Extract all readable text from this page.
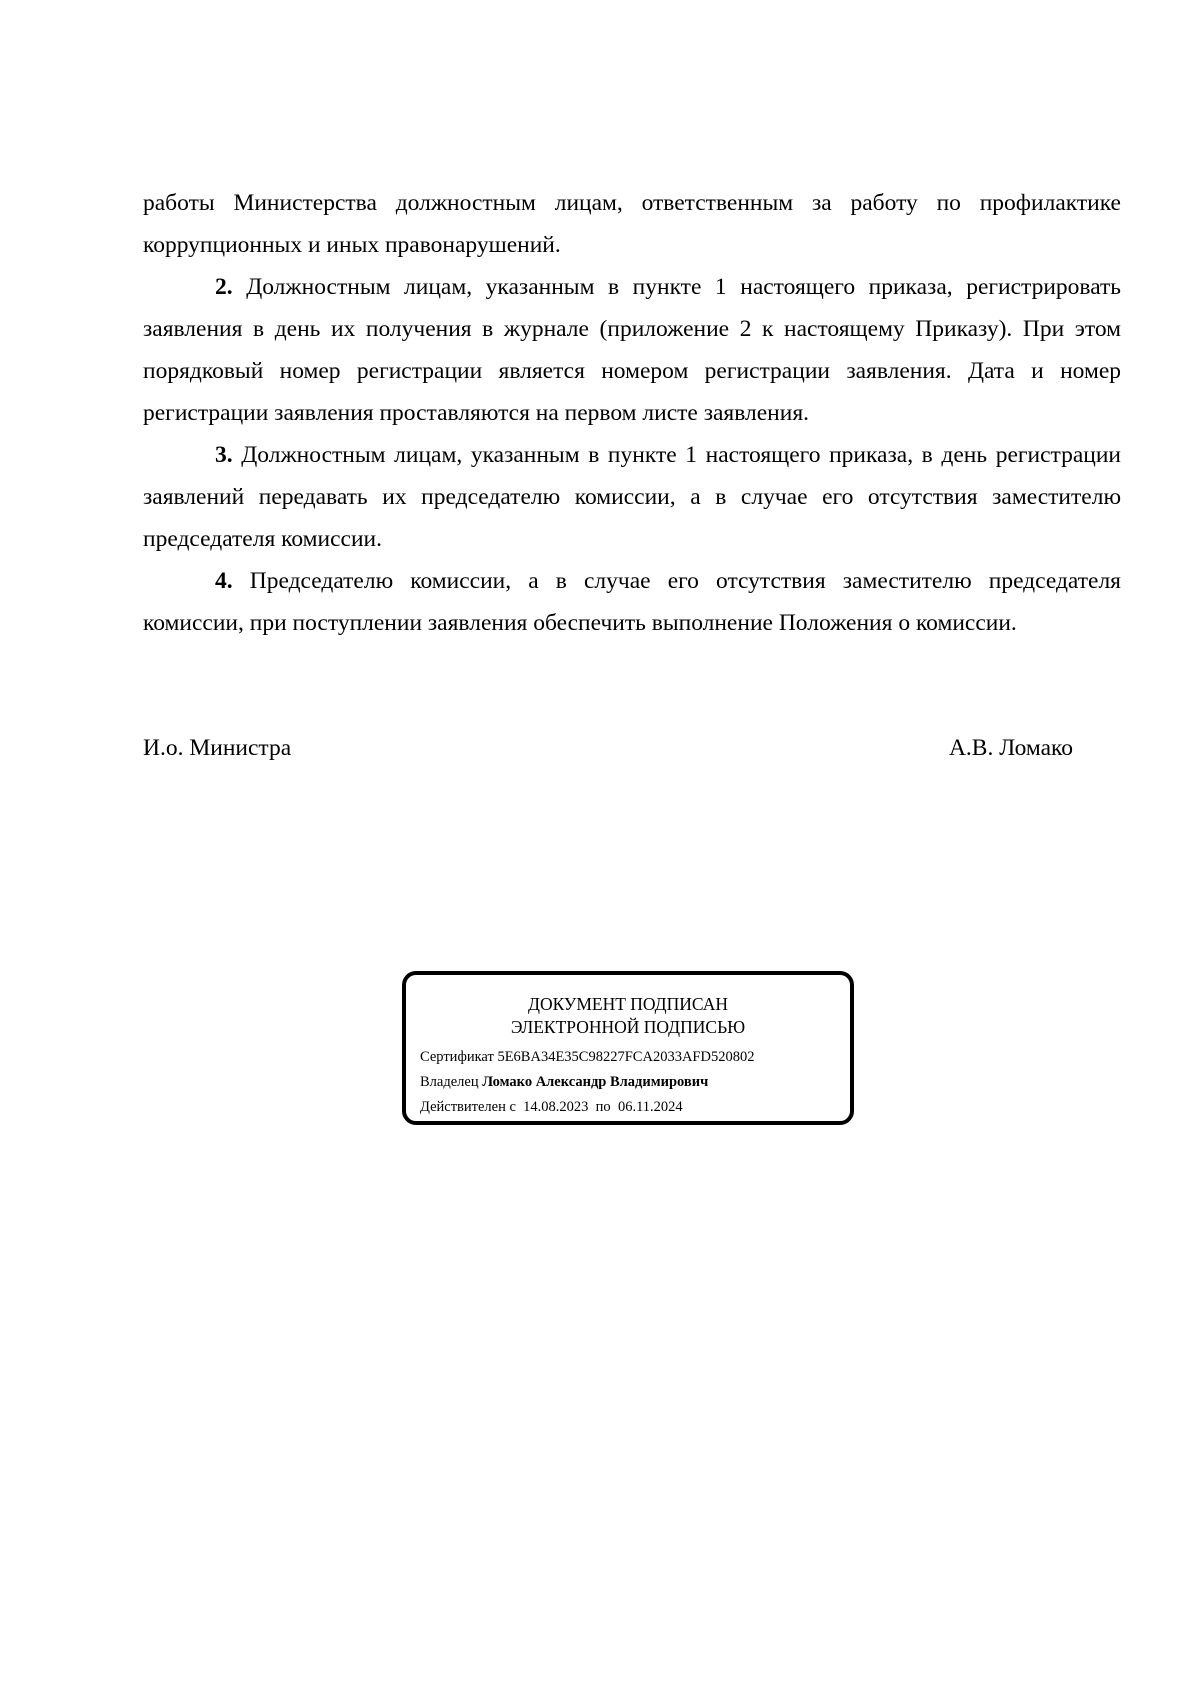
работы Министерства должностным лицам, ответственным за работу по профилактике коррупционных и иных правонарушений.

2. Должностным лицам, указанным в пункте 1 настоящего приказа, регистрировать заявления в день их получения в журнале (приложение 2 к настоящему Приказу). При этом порядковый номер регистрации является номером регистрации заявления. Дата и номер регистрации заявления проставляются на первом листе заявления.

3. Должностным лицам, указанным в пункте 1 настоящего приказа, в день регистрации заявлений передавать их председателю комиссии, а в случае его отсутствия заместителю председателя комиссии.

4. Председателю комиссии, а в случае его отсутствия заместителю председателя комиссии, при поступлении заявления обеспечить выполнение Положения о комиссии.

И.о. Министра	А.В. Ломако
ДОКУМЕНТ ПОДПИСАН
ЭЛЕКТРОННОЙ ПОДПИСЬЮ
Сертификат 5E6BA34E35C98227FCA2033AFD520802
Владелец Ломако Александр Владимирович
Действителен с 14.08.2023 по 06.11.2024
